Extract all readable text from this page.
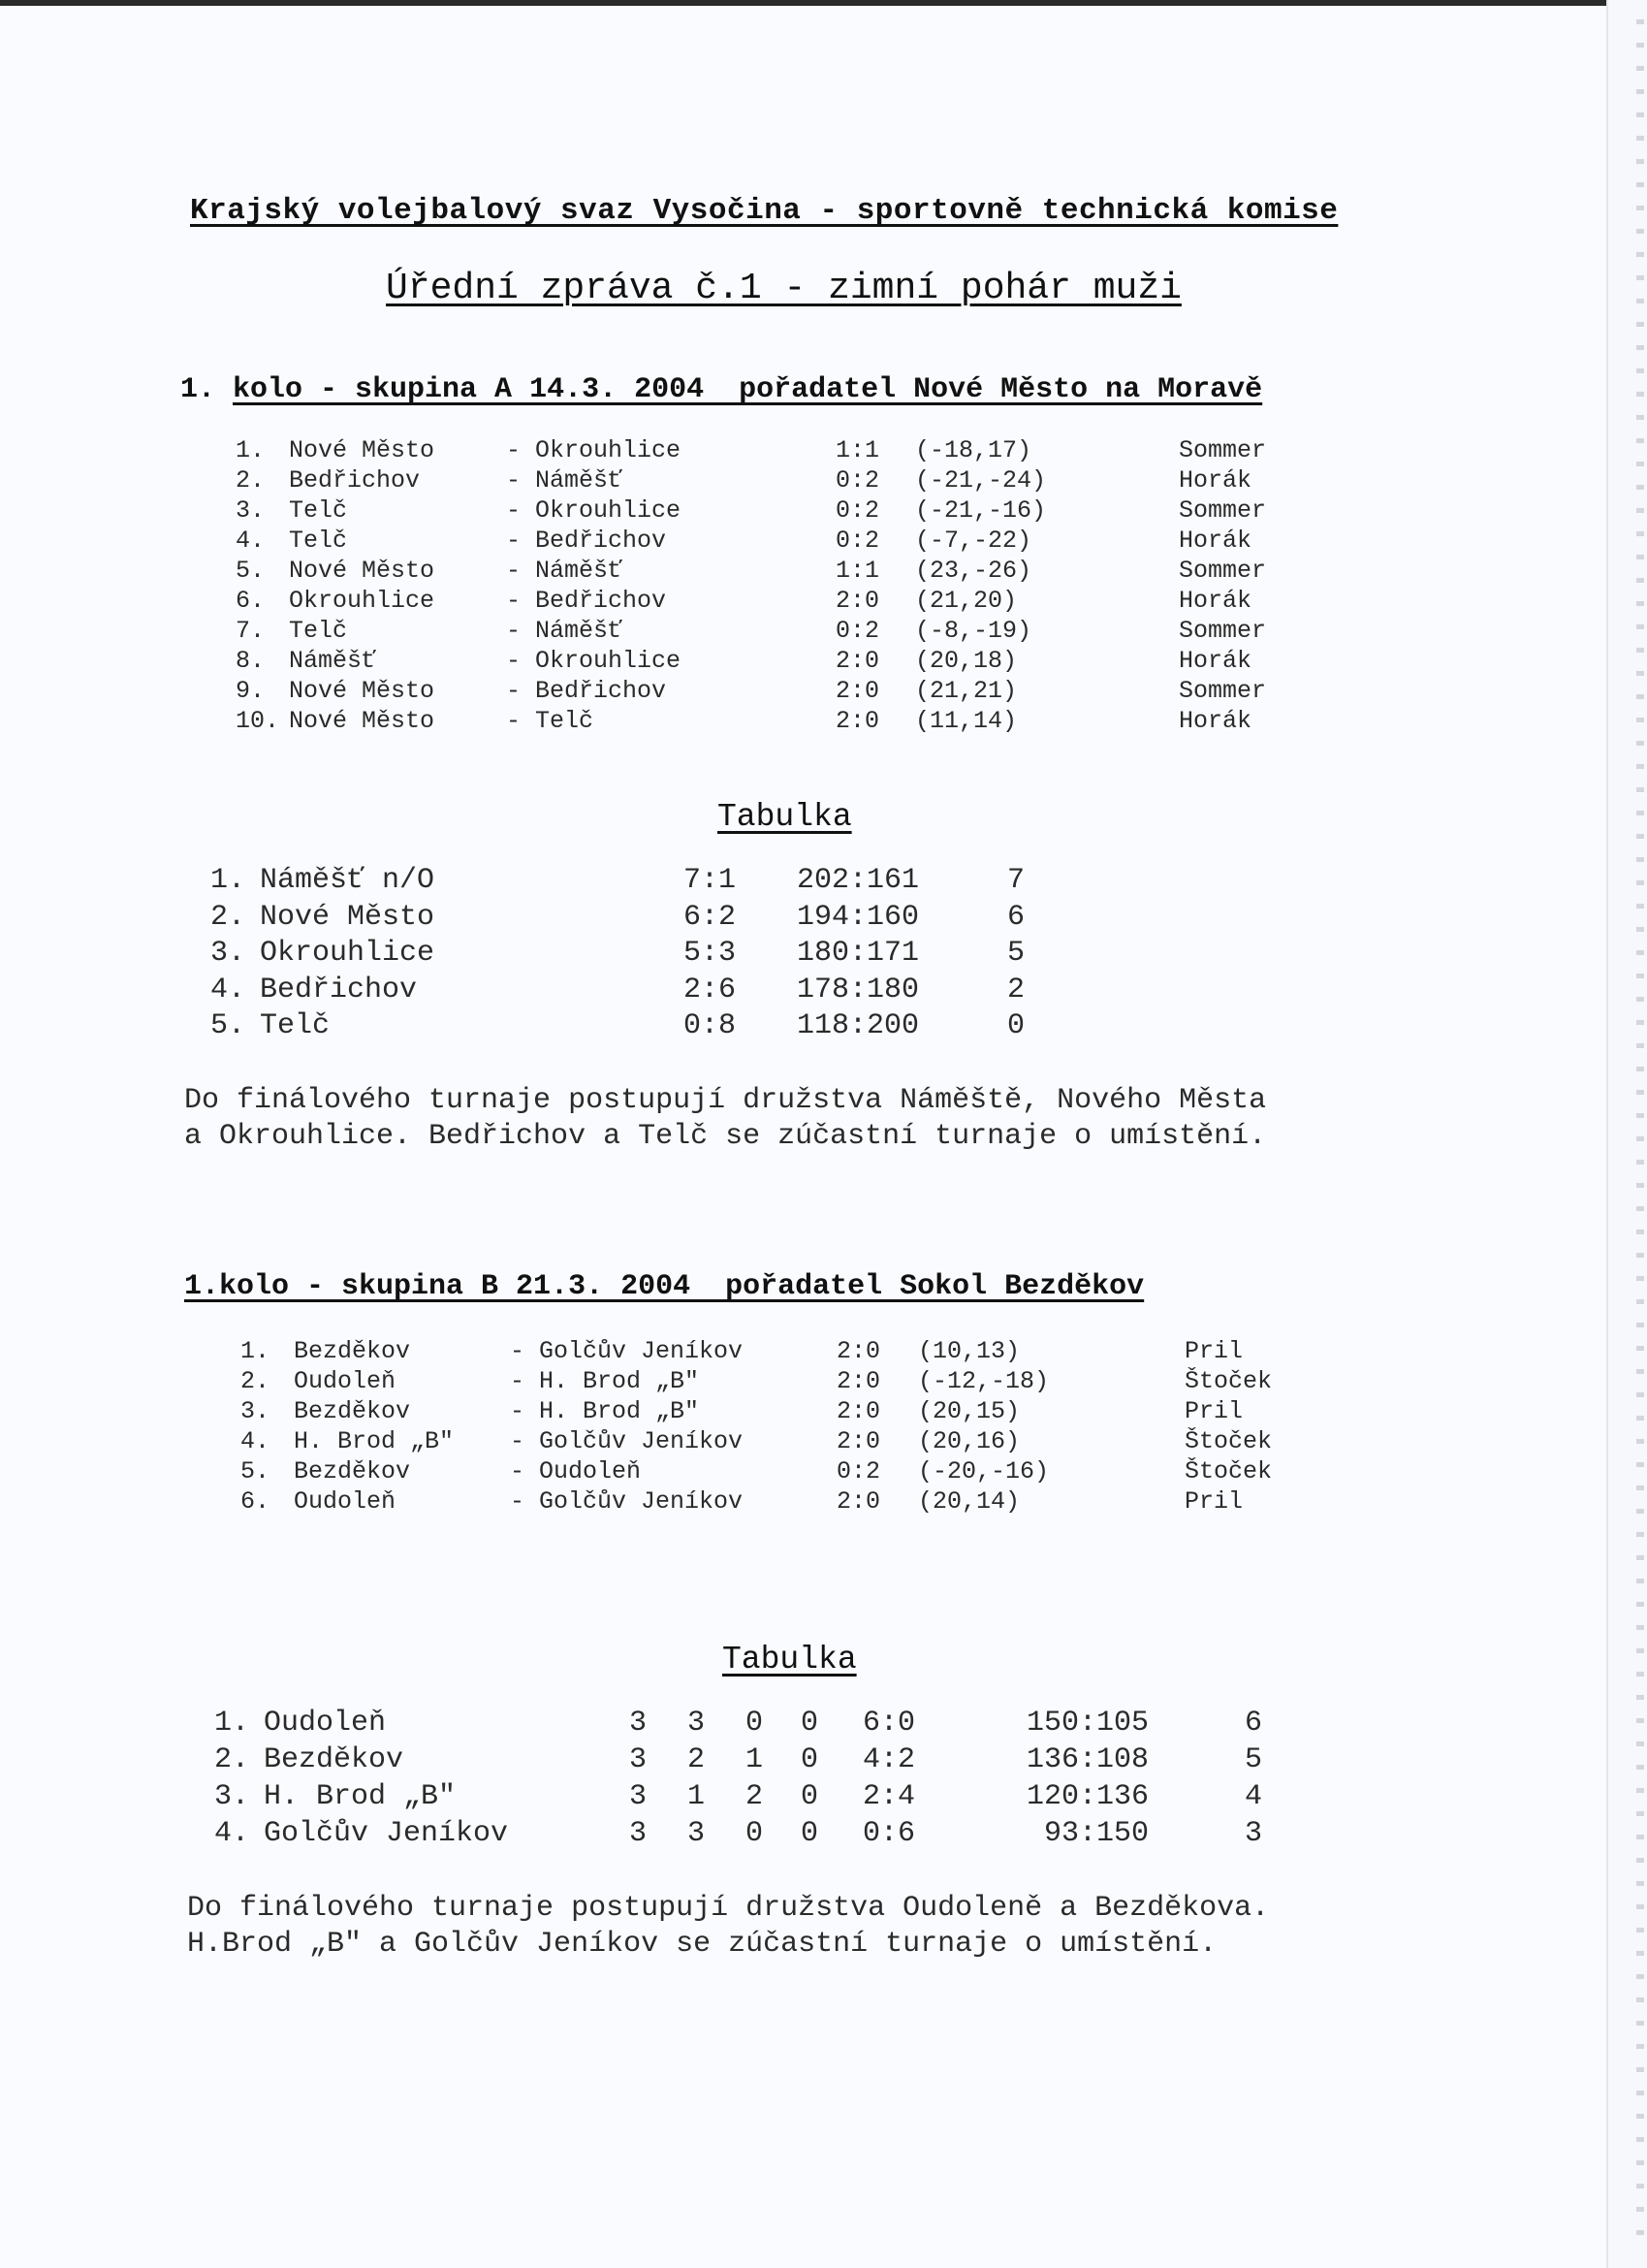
Krajský volejbalový svaz Vysočina - sportovně technická komise
Úřední zpráva č.1 - zimní pohár muži
1. kolo - skupina A 14.3. 2004  pořadatel Nové Město na Moravě
1. Nové Město	- Okrouhlice	1:1 (-18,17)	Sommer
2. Bedřichov	- Náměšť	0:2 (-21,-24)	Horák
3. Telč	- Okrouhlice	0:2 (-21,-16)	Sommer
4. Telč	- Bedřichov	0:2 (-7,-22)	Horák
5. Nové Město	- Náměšť	1:1 (23,-26)	Sommer
6. Okrouhlice	- Bedřichov	2:0 (21,20)	Horák
7. Telč	- Náměšť	0:2 (-8,-19)	Sommer
8. Náměšť	- Okrouhlice	2:0 (20,18)	Horák
9. Nové Město	- Bedřichov	2:0 (21,21)	Sommer
10. Nové Město	- Telč	2:0 (11,14)	Horák
Tabulka
1. Náměšť n/O	7:1 202:161	7
2. Nové Město	6:2 194:160	6
3. Okrouhlice	5:3 180:171	5
4. Bedřichov	2:6 178:180	2
5. Telč	0:8 118:200	0
Do finálového turnaje postupují družstva Náměště, Nového Města
a Okrouhlice. Bedřichov a Telč se zúčastní turnaje o umístění.
1.kolo - skupina B 21.3. 2004  pořadatel Sokol Bezděkov
1. Bezděkov	- Golčův Jeníkov	2:0 (10,13)	Pril
2. Oudoleň	- H. Brod „B"	2:0 (-12,-18)	Štoček
3. Bezděkov	- H. Brod „B"	2:0 (20,15)	Pril
4. H. Brod „B" - Golčův Jeníkov	2:0 (20,16)	Štoček
5. Bezděkov	- Oudoleň	0:2 (-20,-16)	Štoček
6. Oudoleň	- Golčův Jeníkov	2:0 (20,14)	Pril
Tabulka
1. Oudoleň	3 3 0 0 6:0	150:105	6
2. Bezděkov	3 2 1 0 4:2	136:108	5
3. H. Brod „B"	3 1 2 0 2:4	120:136	4
4. Golčův Jeníkov	3 3 0 0 0:6	93:150	3
Do finálového turnaje postupují družstva Oudoleně a Bezděkova.
H.Brod „B" a Golčův Jeníkov se zúčastní turnaje o umístění.
